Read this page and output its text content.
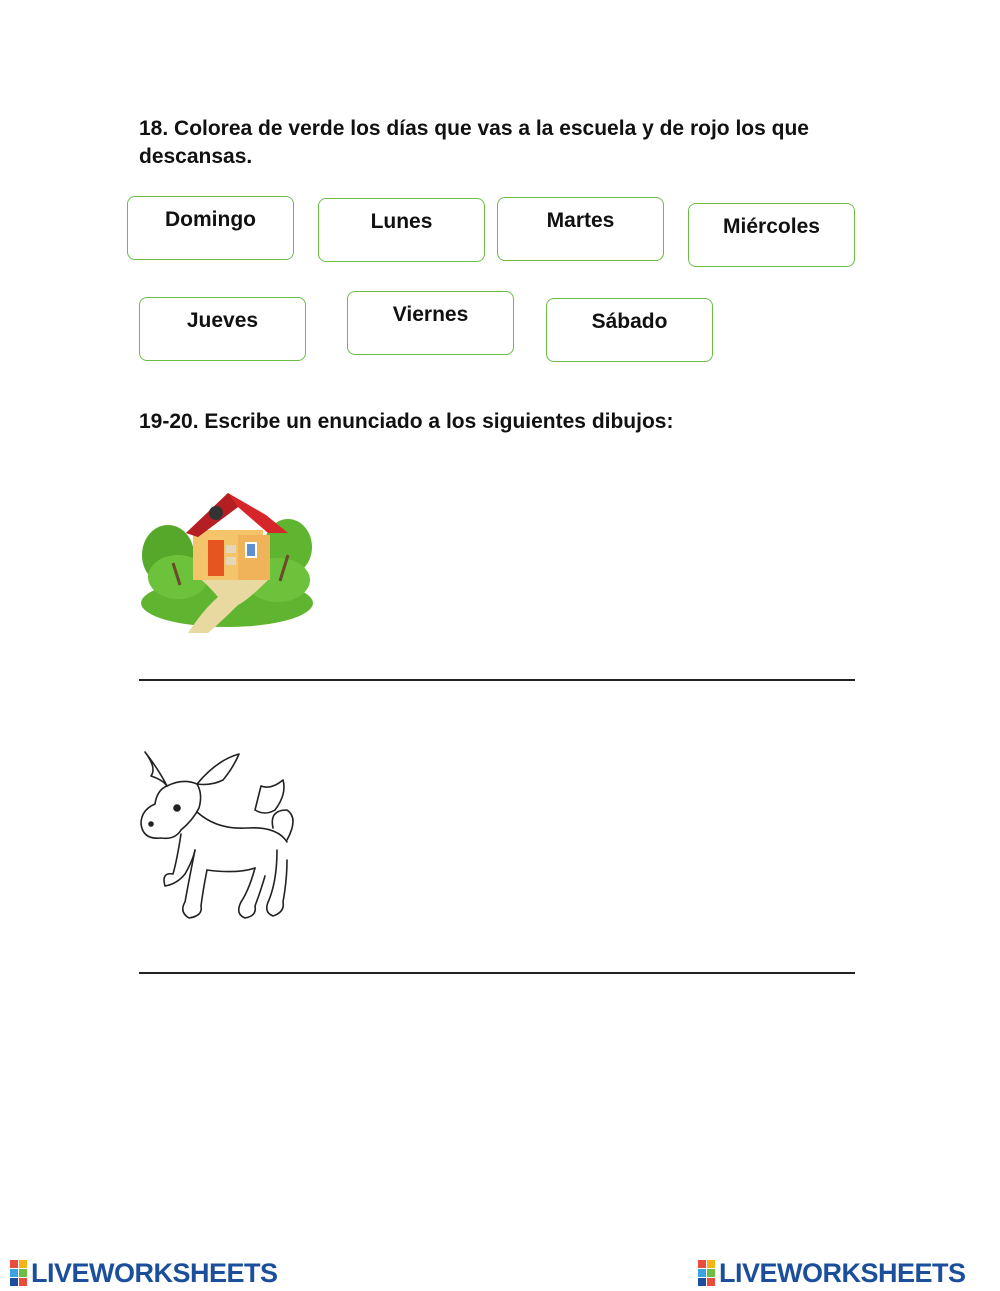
18. Colorea de verde los días que vas a la escuela y de rojo los que descansas.

Domingo	Lunes	Martes	Miércoles
Jueves	Viernes	Sábado

19-20. Escribe un enunciado a los siguientes dibujos:

LIVEWORKSHEETS	LIVEWORKSHEETS
